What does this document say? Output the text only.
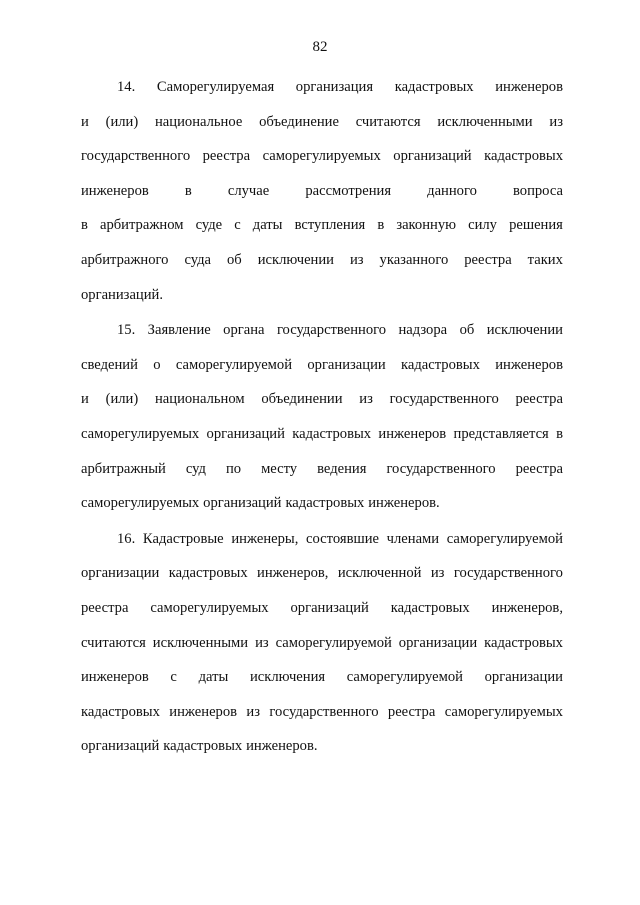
82
14. Саморегулируемая организация кадастровых инженеров
и (или) национальное объединение считаются исключенными из
государственного реестра саморегулируемых организаций кадастровых
инженеров в случае рассмотрения данного вопроса
в арбитражном суде с даты вступления в законную силу решения
арбитражного суда об исключении из указанного реестра таких
организаций.
15. Заявление органа государственного надзора об исключении
сведений о саморегулируемой организации кадастровых инженеров
и (или) национальном объединении из государственного реестра
саморегулируемых организаций кадастровых инженеров представляется в
арбитражный суд по месту ведения государственного реестра
саморегулируемых организаций кадастровых инженеров.
16. Кадастровые инженеры, состоявшие членами саморегулируемой
организации кадастровых инженеров, исключенной из государственного
реестра саморегулируемых организаций кадастровых инженеров,
считаются исключенными из саморегулируемой организации кадастровых
инженеров с даты исключения саморегулируемой организации
кадастровых инженеров из государственного реестра саморегулируемых
организаций кадастровых инженеров.
